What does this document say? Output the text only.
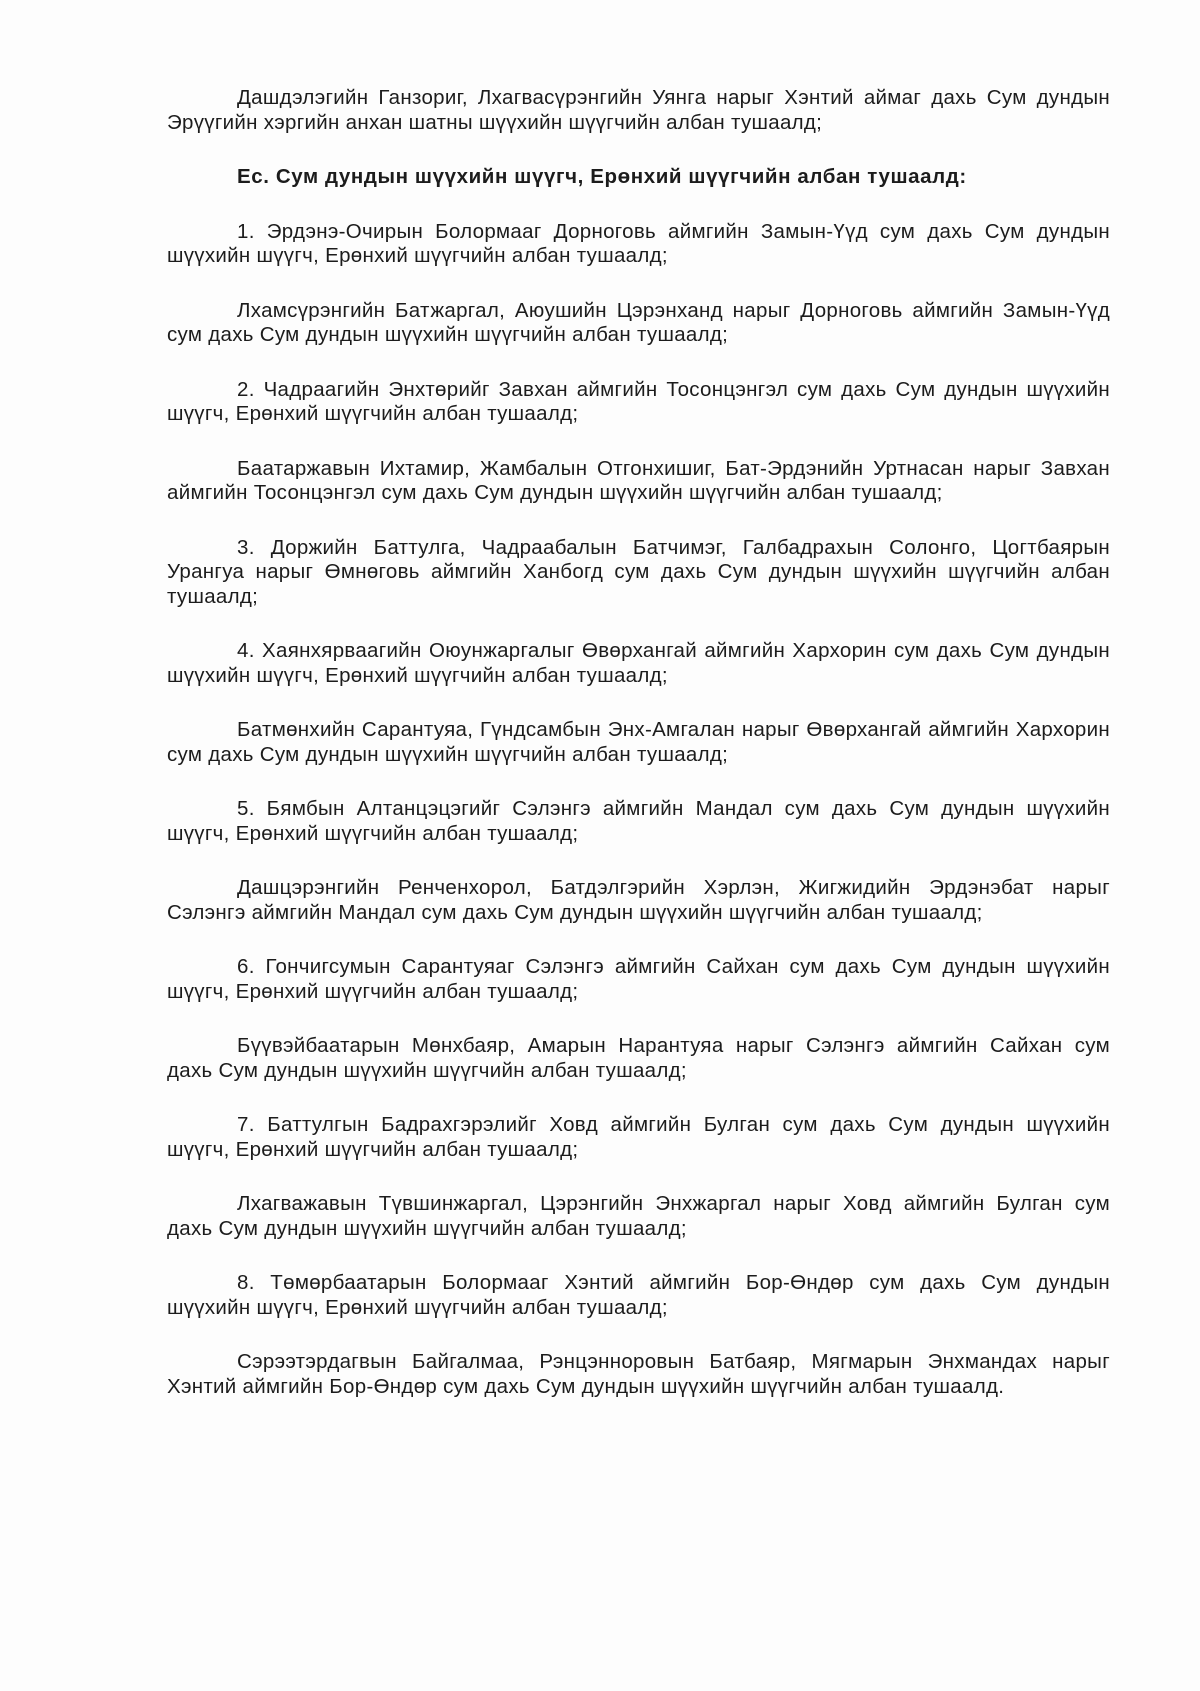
Дашдэлэгийн Ганзориг, Лхагвасүрэнгийн Уянга нарыг Хэнтий аймаг дахь Сум дундын Эрүүгийн хэргийн анхан шатны шүүхийн шүүгчийн албан тушаалд;

Ес. Сум дундын шүүхийн шүүгч, Ерөнхий шүүгчийн албан тушаалд:

1. Эрдэнэ-Очирын Болормааг Дорноговь аймгийн Замын-Үүд сум дахь Сум дундын шүүхийн шүүгч, Ерөнхий шүүгчийн албан тушаалд;

Лхамсүрэнгийн Батжаргал, Аюушийн Цэрэнханд нарыг Дорноговь аймгийн Замын-Үүд сум дахь Сум дундын шүүхийн шүүгчийн албан тушаалд;

2. Чадраагийн Энхтөрийг Завхан аймгийн Тосонцэнгэл сум дахь Сум дундын шүүхийн шүүгч, Ерөнхий шүүгчийн албан тушаалд;

Баатаржавын Ихтамир, Жамбалын Отгонхишиг, Бат-Эрдэнийн Уртнасан нарыг Завхан аймгийн Тосонцэнгэл сум дахь Сум дундын шүүхийн шүүгчийн албан тушаалд;

3. Доржийн Баттулга, Чадраабалын Батчимэг, Галбадрахын Солонго, Цогтбаярын Урангуа нарыг Өмнөговь аймгийн Ханбогд сум дахь Сум дундын шүүхийн шүүгчийн албан тушаалд;

4. Хаянхярваагийн Оюунжаргалыг Өвөрхангай аймгийн Хархорин сум дахь Сум дундын шүүхийн шүүгч, Ерөнхий шүүгчийн албан тушаалд;

Батмөнхийн Сарантуяа, Гүндсамбын Энх-Амгалан нарыг Өвөрхангай аймгийн Хархорин сум дахь Сум дундын шүүхийн шүүгчийн албан тушаалд;

5. Бямбын Алтанцэцэгийг Сэлэнгэ аймгийн Мандал сум дахь Сум дундын шүүхийн шүүгч, Ерөнхий шүүгчийн албан тушаалд;

Дашцэрэнгийн Ренченхорол, Батдэлгэрийн Хэрлэн, Жигжидийн Эрдэнэбат нарыг Сэлэнгэ аймгийн Мандал сум дахь Сум дундын шүүхийн шүүгчийн албан тушаалд;

6. Гончигсумын Сарантуяаг Сэлэнгэ аймгийн Сайхан сум дахь Сум дундын шүүхийн шүүгч, Ерөнхий шүүгчийн албан тушаалд;

Бүүвэйбаатарын Мөнхбаяр, Амарын Нарантуяа нарыг Сэлэнгэ аймгийн Сайхан сум дахь Сум дундын шүүхийн шүүгчийн албан тушаалд;

7. Баттулгын Бадрахгэрэлийг Ховд аймгийн Булган сум дахь Сум дундын шүүхийн шүүгч, Ерөнхий шүүгчийн албан тушаалд;

Лхагважавын Түвшинжаргал, Цэрэнгийн Энхжаргал нарыг Ховд аймгийн Булган сум дахь Сум дундын шүүхийн шүүгчийн албан тушаалд;

8. Төмөрбаатарын Болормааг Хэнтий аймгийн Бор-Өндөр сум дахь Сум дундын шүүхийн шүүгч, Ерөнхий шүүгчийн албан тушаалд;

Сэрээтэрдагвын Байгалмаа, Рэнцэнноровын Батбаяр, Мягмарын Энхмандах нарыг Хэнтий аймгийн Бор-Өндөр сум дахь Сум дундын шүүхийн шүүгчийн албан тушаалд.
